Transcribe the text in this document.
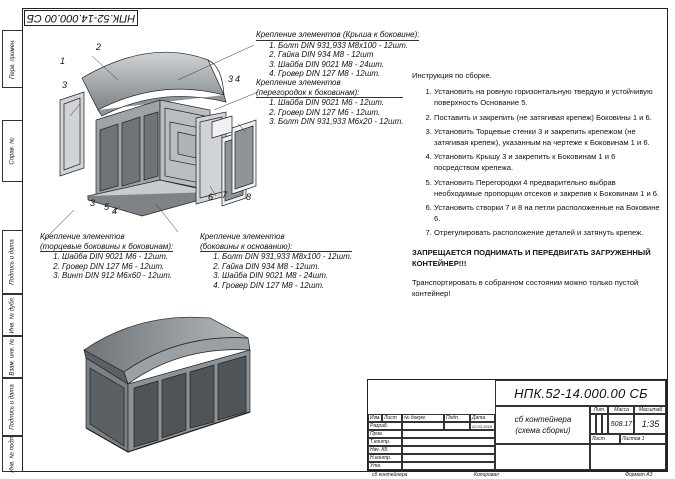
НПК.52-14.000.00 СБ
Перв. примен.
Справ. №
Подпись и дата
Инв. № дубл.
Взам. инв. №
Подпись и дата
Инв. № подл.
1
2
3
3 4
4
3 5
6 7 8
Крепление элементов (Крыша к боковине):
1. Болт DIN 931,933 М8х100 - 12шт.
2. Гайка DIN 934 М8 - 12шт
3. Шайба DIN 9021 М8 - 24шт.
4. Гровер DIN 127 М8 - 12шт.
Крепление элементов
(перегородок к боковинам):
1. Шайба DIN 9021 М6 - 12шт.
2. Гровер DIN 127 М6 - 12шт.
3. Болт DIN 931,933 М6х20 - 12шт.
Крепление элементов
(торцевые боковины к боковинам):
1. Шайба DIN 9021 М6 - 12шт.
2. Гровер DIN 127 М6 - 12шт.
3. Винт DIN 912 М6х60 - 12шт.
Крепление элементов
(боковины к основанию):
1. Болт DIN 931,933 М8х100 - 12шт.
2. Гайка DIN 934 М8 - 12шт.
3. Шайба DIN 9021 М8 - 24шт.
4. Гровер DIN 127 М8 - 12шт.
Инструкция по сборке.
1. Установить на ровную горизонтальную твердую и устойчивую поверхность Основание 5.
2. Поставить и закрепить (не затягивая крепеж) Боковины 1 и 6.
3. Установить Торцевые стенки 3 и закрепить крепежом (не затягивая крепеж), указанным на чертеже к Боковинам 1 и 6.
4. Установить Крышу 3 и закрепить к Боковинам 1 и 6 посредством крепежа.
5. Установить Перегородки 4 предварительно выбрав необходимые пропорции отсеков и закрепив к Боковинам 1 и 6.
6. Установить створки 7 и 8 на петли расположенные на Боковине 6.
7. Отрегулировать расположение деталей и затянуть крепеж.
ЗАПРЕЩАЕТСЯ ПОДНИМАТЬ И ПЕРЕДВИГАТЬ ЗАГРУЖЕННЫЙ КОНТЕЙНЕР!!!
Транспортировать в собранном состоянии можно только пустой контейнер!
Изм. Лист	№ докум.	Подп.	Дата
Разраб.	22.03.2018
Пров.
Т.контр.
Нач. КБ
Н.контр.
Утв.
НПК.52-14.000.00 СБ
сб контейнера
(схема сборки)
Лит.	Масса	Масштаб
508.17	1:35
Лист	Листов
1
сб контейнера	Копировал	Формат А3
